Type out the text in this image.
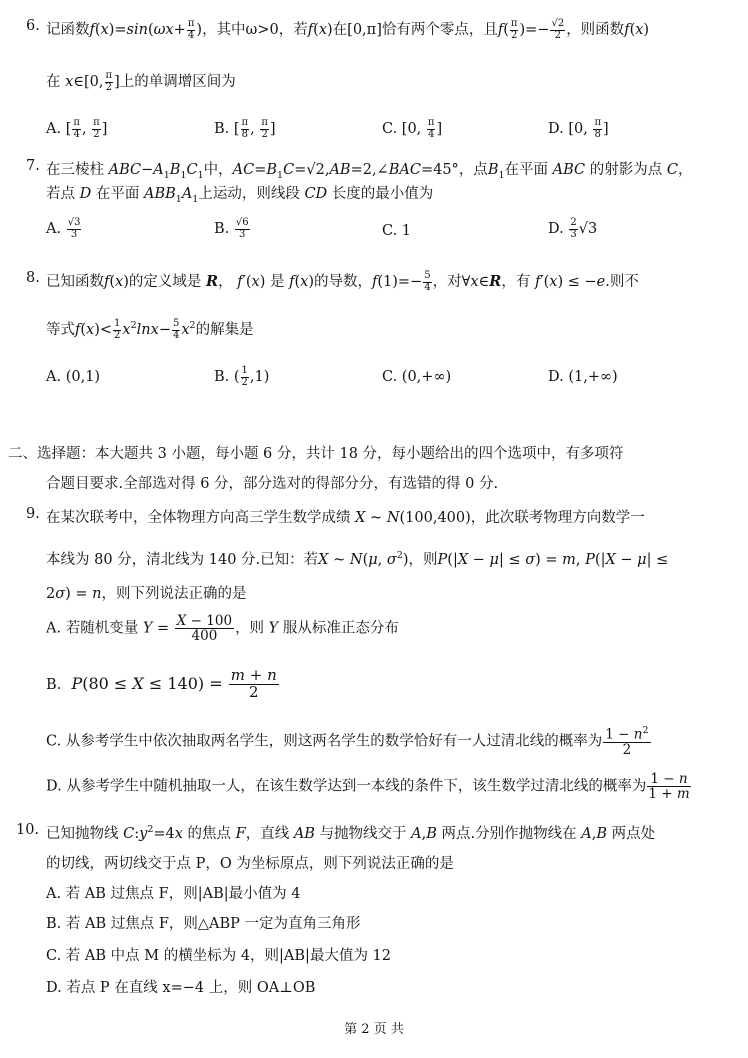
6. 记函数$f(x)=\sin(\omega x+ \frac{\pi}{4}$ )，其中ω>0，若f(x)在[0,π]恰有两个零点，且$f( \frac{\pi}{2}$ )=− $\frac{√2}{2}$ ，则函数f(x)
在 x∈[0, $\frac{\pi}{2}$ ]上的单调增区间为
A. [ $\frac{\pi}{4}$ , $\frac{\pi}{2}$ ]	B. [ $\frac{\pi}{8}$ , $\frac{\pi}{2}$ ]	C. [0, $\frac{\pi}{4}$ ]	D. [0, $\frac{\pi}{8}$ ]
7. 在三棱柱 $ABC-A_1B_1C_1$中，$AC=B_1C=√2,AB=2,\angle BAC=45^\circ$，点$B_1$在平面 ABC 的射影为点 C，
若点 D 在平面 $ABB_1A_1$上运动，则线段 CD 长度的最小值为
A. $\frac{√3}{3}$	B. $\frac{√6}{3}$	C. 1	D. $\frac{2}{3} √3$
8. 已知函数f(x)的定义域是 R， f′(x) 是 f(x)的导数，$f(1)=- \frac{5}{4}$ ，对∀x∈R，有 f′(x) ≤ −e.则不
等式$f(x)< \frac{1}{2} x^2\ln x- \frac{5}{4} x^2$的解集是
A. (0,1)	B. ( $\frac{1}{2} ,1$)	C. (0,+∞)	D. (1,+∞)
二、选择题：本大题共 3 小题，每小题 6 分，共计 18 分，每小题给出的四个选项中，有多项符
合题目要求.全部选对得 6 分，部分选对的得部分分，有选错的得 0 分.
9. 在某次联考中，全体物理方向高三学生数学成绩 X ~ N(100,400)，此次联考物理方向数学一
本线为 80 分，清北线为 140 分.已知：若X ~ N(μ, $\sigma^2$)，则P(|X − μ| ≤ σ) = m, P(|X − μ| ≤
2σ) = n，则下列说法正确的是
A. 若随机变量 $Y = \frac{X - 100}{400}$ ，则 Y 服从标准正态分布
B. $P(80 \le X \le 140) = \frac{m + n}{2}$
C. 从参考学生中依次抽取两名学生，则这两名学生的数学恰好有一人过清北线的概率为 $\frac{1 - n^2}{2}$
D. 从参考学生中随机抽取一人，在该生数学达到一本线的条件下，该生数学过清北线的概率为 $\frac{1 - n}{1 + m}$
10. 已知抛物线 $C:y^2=4x$ 的焦点 F，直线 AB 与抛物线交于 A,B 两点.分别作抛物线在 A,B 两点处
的切线，两切线交于点 P，O 为坐标原点，则下列说法正确的是
A. 若 AB 过焦点 F，则|AB|最小值为 4
B. 若 AB 过焦点 F，则△ABP 一定为直角三角形
C. 若 AB 中点 M 的横坐标为 4，则|AB|最大值为 12
D. 若点 P 在直线 x=−4 上，则 OA⊥OB
第 2 页 共
